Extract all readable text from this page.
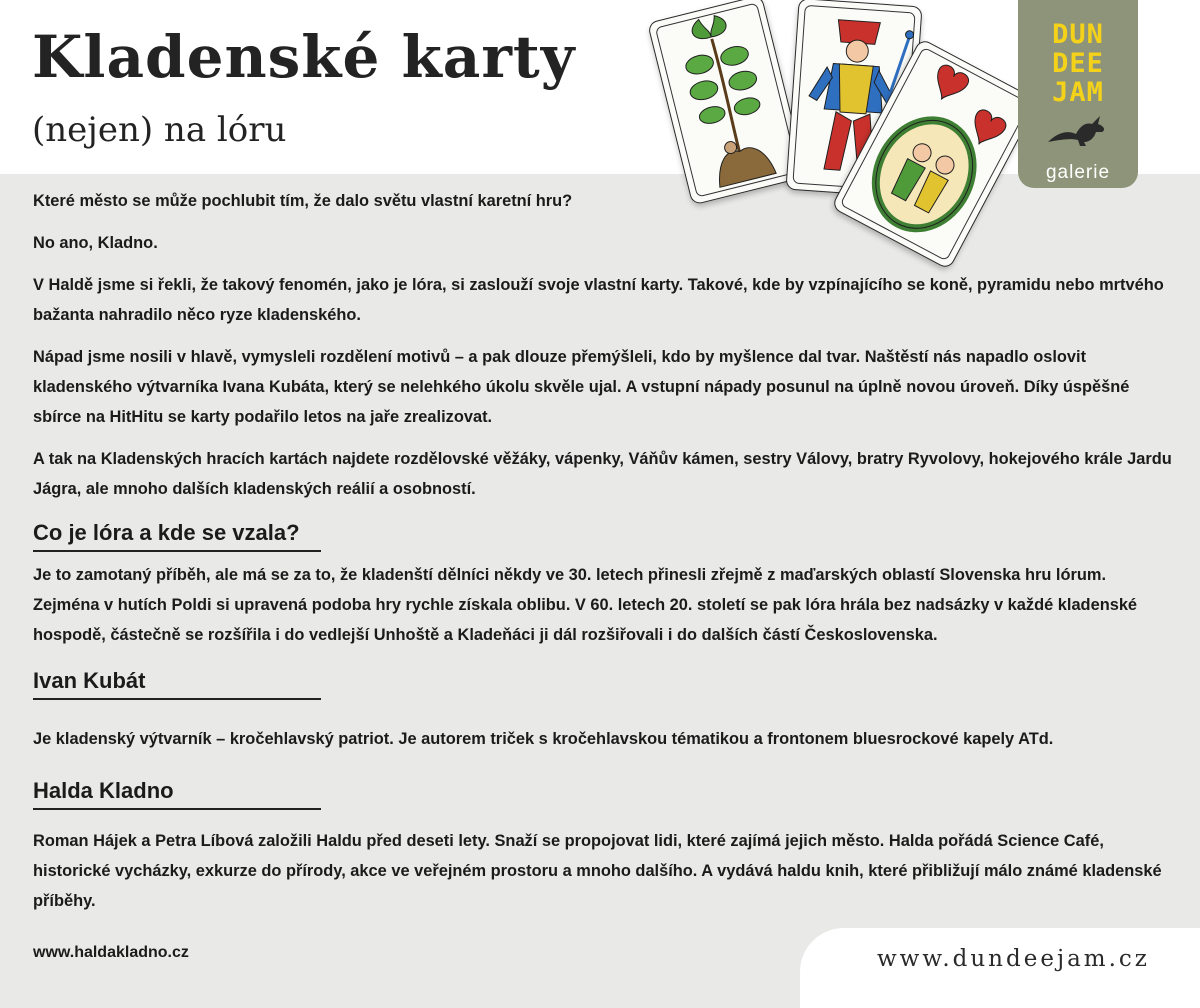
Kladenské karty
(nejen) na lóru
DUN
DEE
JAM
galerie

Které město se může pochlubit tím, že dalo světu vlastní karetní hru?

No ano, Kladno.

V Haldě jsme si řekli, že takový fenomén, jako je lóra, si zaslouží svoje vlastní karty. Takové, kde by vzpínajícího se koně, pyramidu nebo mrtvého bažanta nahradilo něco ryze kladenského.

Nápad jsme nosili v hlavě, vymysleli rozdělení motivů – a pak dlouze přemýšleli, kdo by myšlence dal tvar. Naštěstí nás napadlo oslovit kladenského výtvarníka Ivana Kubáta, který se nelehkého úkolu skvěle ujal. A vstupní nápady posunul na úplně novou úroveň. Díky úspěšné sbírce na HitHitu se karty podařilo letos na jaře zrealizovat.

A tak na Kladenských hracích kartách najdete rozdělovské věžáky, vápenky, Váňův kámen, sestry Válovy, bratry Ryvolovy, hokejového krále Jardu Jágra, ale mnoho dalších kladenských reálií a osobností.

Co je lóra a kde se vzala?

Je to zamotaný příběh, ale má se za to, že kladenští dělníci někdy ve 30. letech přinesli zřejmě z maďarských oblastí Slovenska hru lórum. Zejména v hutích Poldi si upravená podoba hry rychle získala oblibu. V 60. letech 20. století se pak lóra hrála bez nadsázky v každé kladenské hospodě, částečně se rozšířila i do vedlejší Unhoště a Kladeňáci ji dál rozšiřovali i do dalších částí Československa.

Ivan Kubát

Je kladenský výtvarník – kročehlavský patriot. Je autorem triček s kročehlavskou tématikou a frontonem bluesrockové kapely ATd.

Halda Kladno

Roman Hájek a Petra Líbová založili Haldu před deseti lety. Snaží se propojovat lidi, které zajímá jejich město. Halda pořádá Science Café, historické vycházky, exkurze do přírody, akce ve veřejném prostoru a mnoho dalšího. A vydává haldu knih, které přibližují málo známé kladenské příběhy.

www.haldakladno.cz	www.dundeejam.cz
